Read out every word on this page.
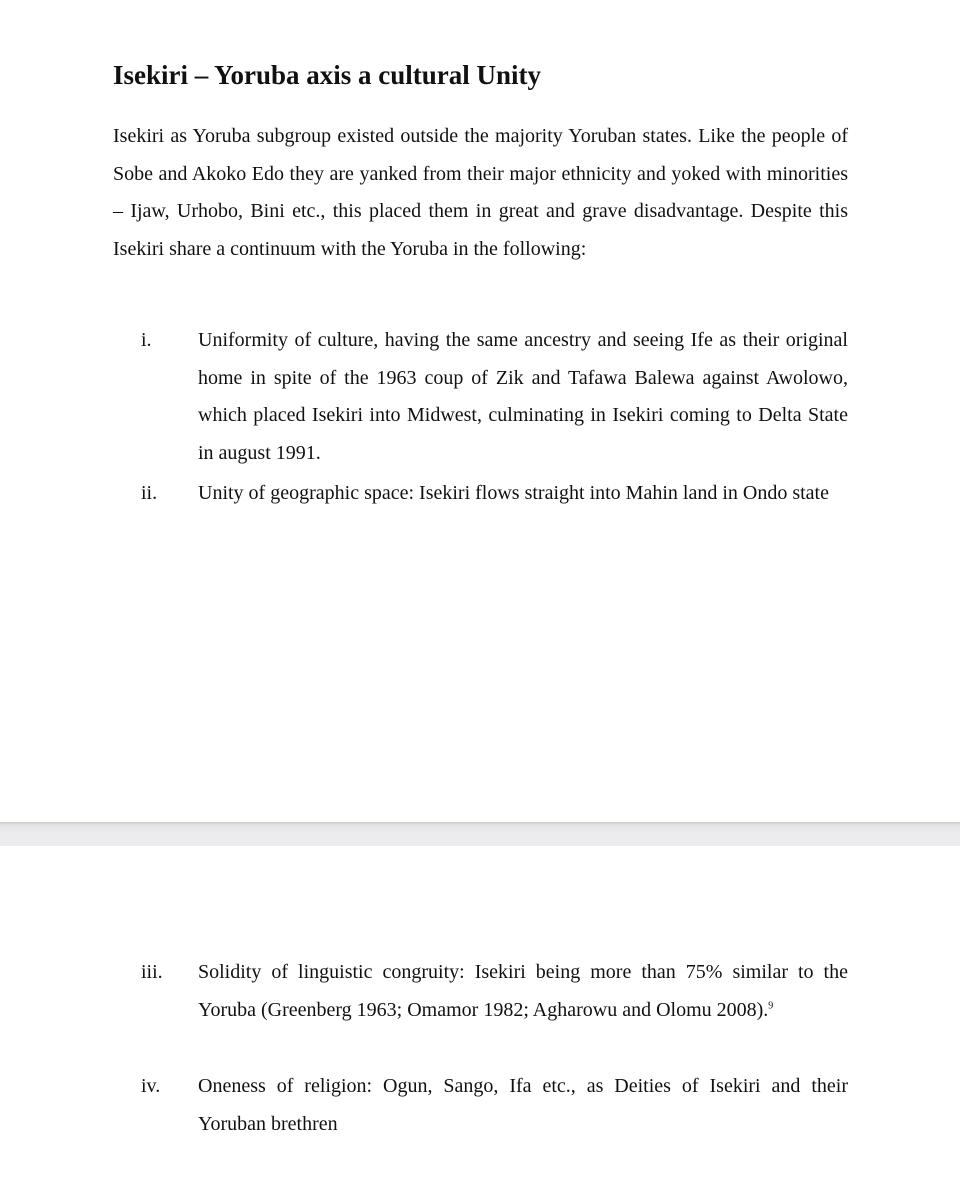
Isekiri – Yoruba axis a cultural Unity

Isekiri as Yoruba subgroup existed outside the majority Yoruban states. Like the people of Sobe and Akoko Edo they are yanked from their major ethnicity and yoked with minorities – Ijaw, Urhobo, Bini etc., this placed them in great and grave disadvantage. Despite this Isekiri share a continuum with the Yoruba in the following:

i. Uniformity of culture, having the same ancestry and seeing Ife as their original home in spite of the 1963 coup of Zik and Tafawa Balewa against Awolowo, which placed Isekiri into Midwest, culminating in Isekiri coming to Delta State in august 1991.
ii. Unity of geographic space: Isekiri flows straight into Mahin land in Ondo state
iii. Solidity of linguistic congruity: Isekiri being more than 75% similar to the Yoruba (Greenberg 1963; Omamor 1982; Agharowu and Olomu 2008).$^9$
iv. Oneness of religion: Ogun, Sango, Ifa etc., as Deities of Isekiri and their Yoruban brethren
